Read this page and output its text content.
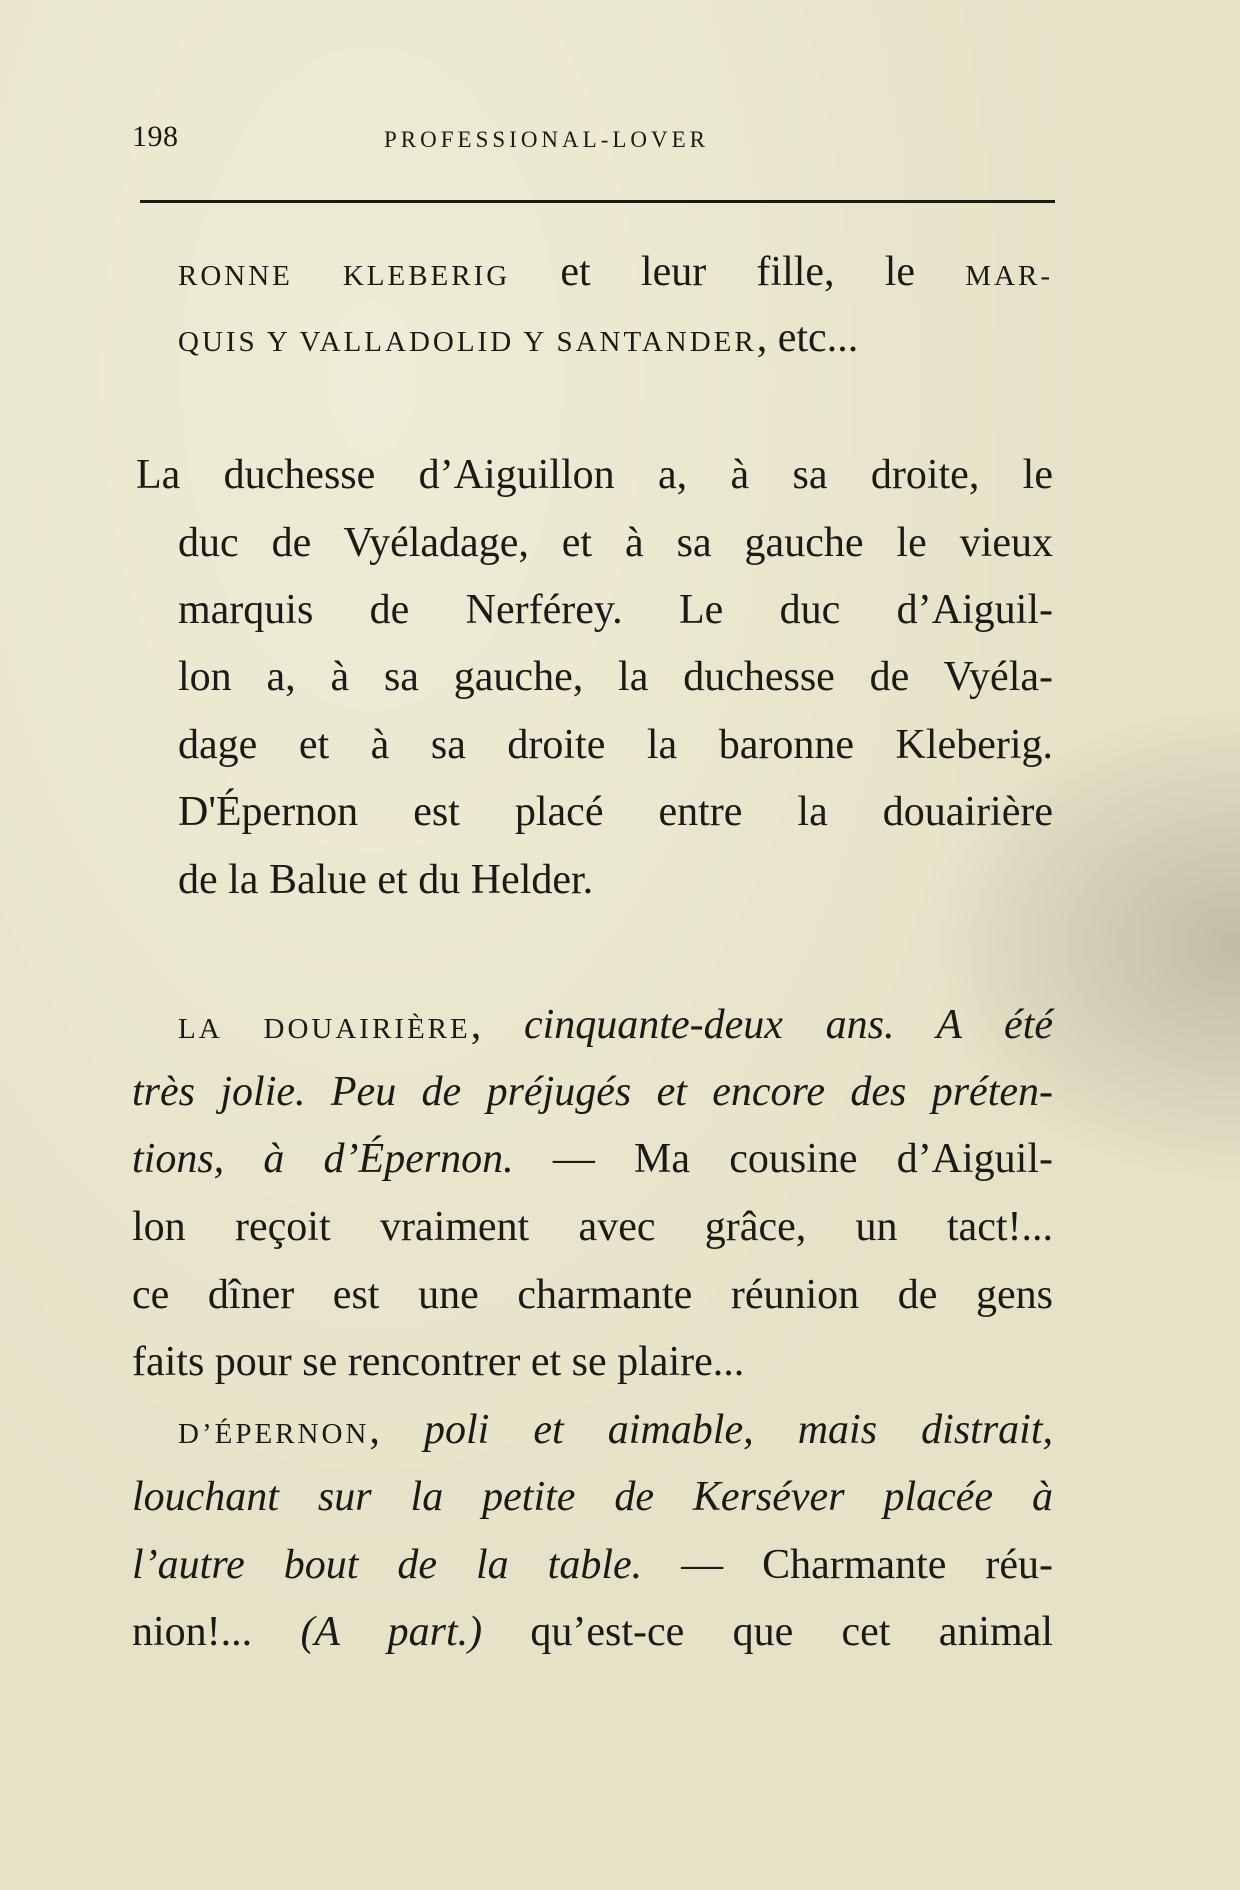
198	PROFESSIONAL-LOVER
RONNE KLEBERIG et leur fille, le MAR-
QUIS Y VALLADOLID Y SANTANDER, etc...
La duchesse d’Aiguillon a, à sa droite, le
duc de Vyéladage, et à sa gauche le vieux
marquis de Nerférey. Le duc d’Aiguil-
lon a, à sa gauche, la duchesse de Vyéla-
dage et à sa droite la baronne Kleberig.
D'Épernon est placé entre la douairière
de la Balue et du Helder.
LA DOUAIRIÈRE, cinquante-deux ans. A été
très jolie. Peu de préjugés et encore des préten-
tions, à d’Épernon. — Ma cousine d’Aiguil-
lon reçoit vraiment avec grâce, un tact!...
ce dîner est une charmante réunion de gens
faits pour se rencontrer et se plaire...
D’ÉPERNON, poli et aimable, mais distrait,
louchant sur la petite de Kerséver placée à
l’autre bout de la table. — Charmante réu-
nion!... (A part.) qu’est-ce que cet animal
